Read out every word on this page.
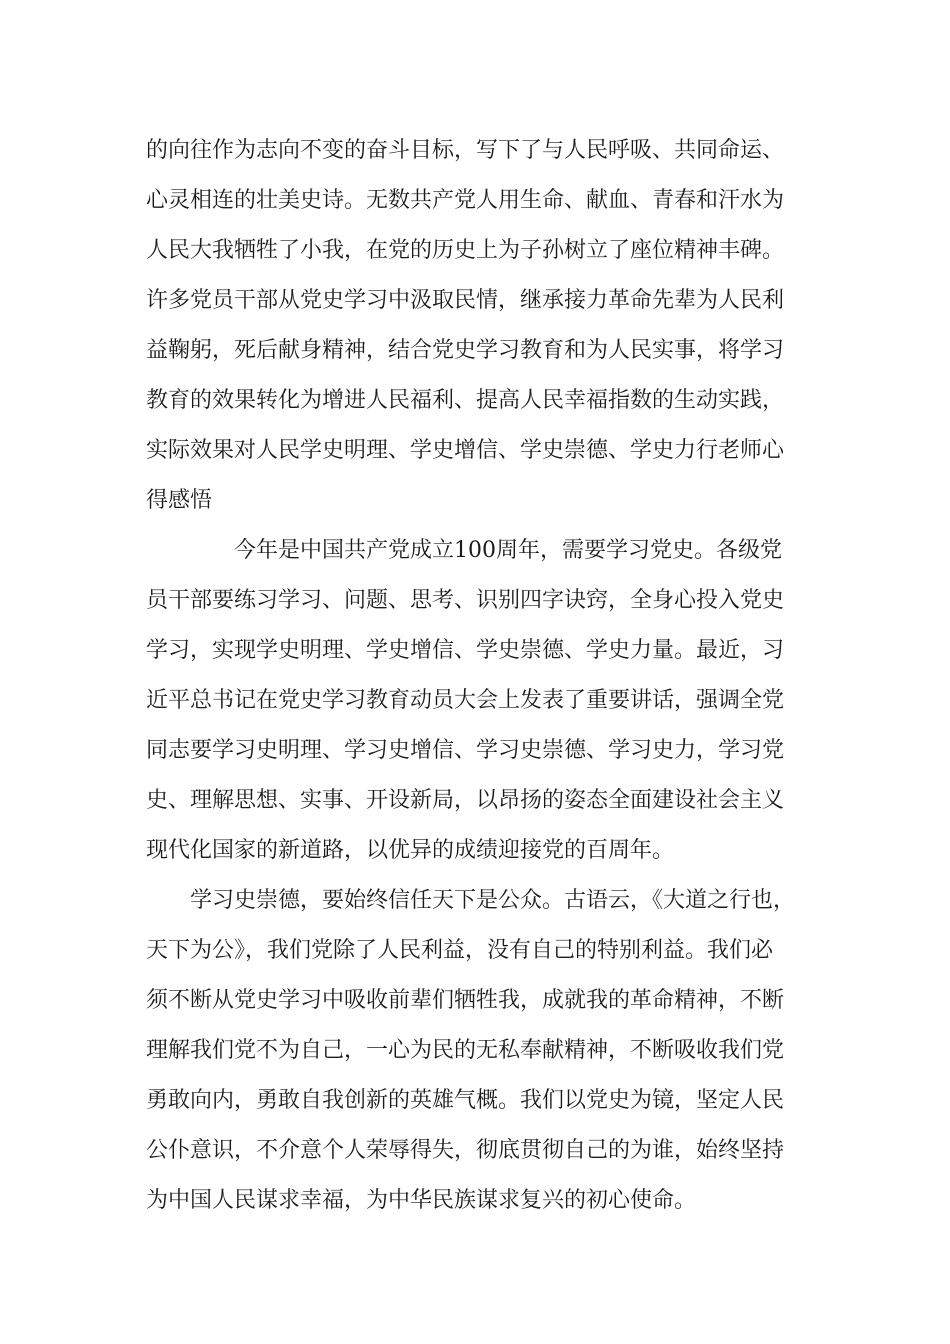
的向往作为志向不变的奋斗目标，写下了与人民呼吸、共同命运、
心灵相连的壮美史诗。无数共产党人用生命、献血、青春和汗水为
人民大我牺牲了小我，在党的历史上为子孙树立了座位精神丰碑。
许多党员干部从党史学习中汲取民情，继承接力革命先辈为人民利
益鞠躬，死后献身精神，结合党史学习教育和为人民实事，将学习
教育的效果转化为增进人民福利、提高人民幸福指数的生动实践，
实际效果对人民学史明理、学史增信、学史崇德、学史力行老师心
得感悟
今年是中国共产党成立100周年，需要学习党史。各级党
员干部要练习学习、问题、思考、识别四字诀窍，全身心投入党史
学习，实现学史明理、学史增信、学史崇德、学史力量。最近，习
近平总书记在党史学习教育动员大会上发表了重要讲话，强调全党
同志要学习史明理、学习史增信、学习史崇德、学习史力，学习党
史、理解思想、实事、开设新局，以昂扬的姿态全面建设社会主义
现代化国家的新道路，以优异的成绩迎接党的百周年。
学习史崇德，要始终信任天下是公众。古语云，《大道之行也，
天下为公》，我们党除了人民利益，没有自己的特别利益。我们必
须不断从党史学习中吸收前辈们牺牲我，成就我的革命精神，不断
理解我们党不为自己，一心为民的无私奉献精神，不断吸收我们党
勇敢向内，勇敢自我创新的英雄气概。我们以党史为镜，坚定人民
公仆意识，不介意个人荣辱得失，彻底贯彻自己的为谁，始终坚持
为中国人民谋求幸福，为中华民族谋求复兴的初心使命。
